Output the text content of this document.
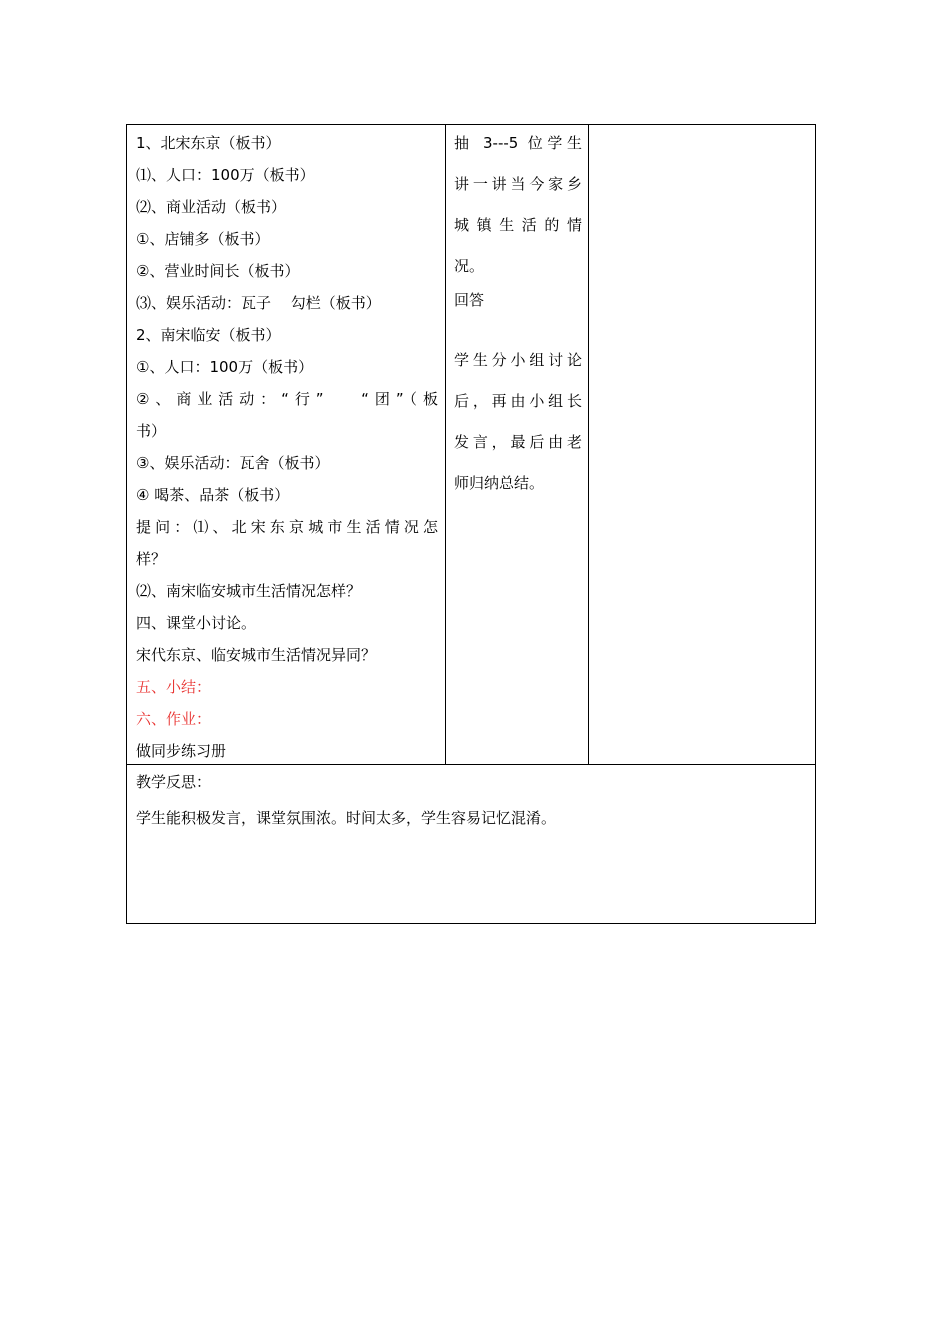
1、北宋东京（板书）
⑴、人口：100万（板书）
⑵、商业活动（板书）
①、店铺多（板书）
②、营业时间长（板书）
⑶、娱乐活动：瓦子　 勾栏（板书）
2、南宋临安（板书）
①、人口：100万（板书）
②、商业活动：“行”　 “团”（板
书）
③、娱乐活动：瓦舍（板书）
④ 喝茶、品茶（板书）
提问：⑴、北宋东京城市生活情况怎
样？
⑵、南宋临安城市生活情况怎样？
四、课堂小讨论。
宋代东京、临安城市生活情况异同？
五、小结：
六、作业：
做同步练习册
抽 3---5 位学生
讲一讲当今家乡
城镇生活的情
况。
回答
学生分小组讨论
后，再由小组长
发言，最后由老
师归纳总结。
教学反思：
学生能积极发言，课堂氛围浓。时间太多，学生容易记忆混淆。
